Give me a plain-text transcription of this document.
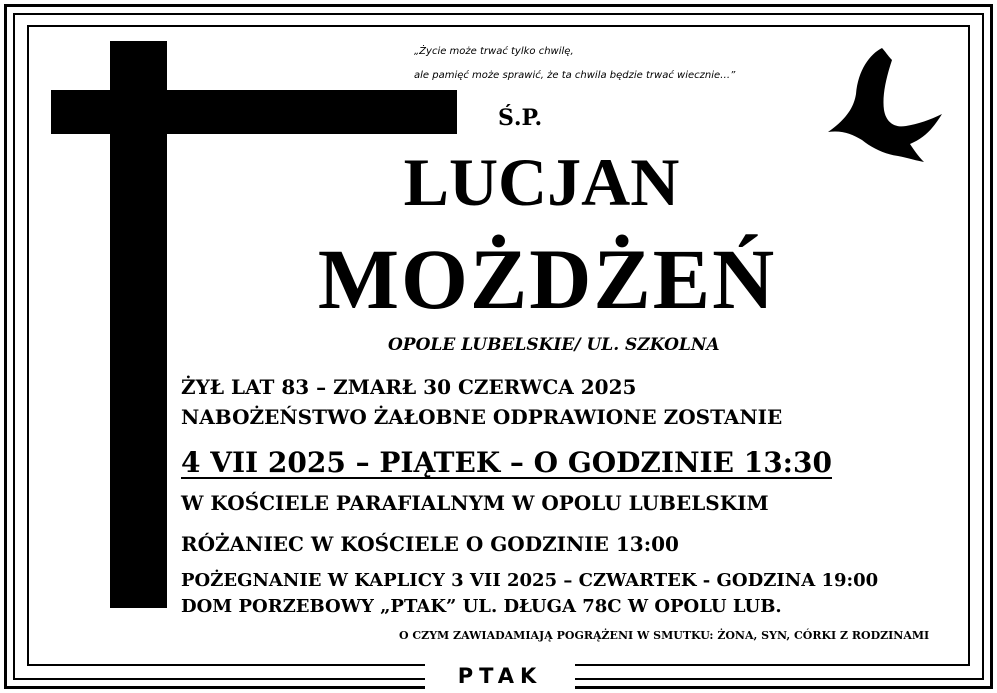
PTAK
„Życie może trwać tylko chwilę,
ale pamięć może sprawić, że ta chwila będzie trwać wiecznie…”
Ś.P.
LUCJAN
MOŻDŻEŃ
OPOLE LUBELSKIE/ UL. SZKOLNA
ŻYŁ LAT 83 – ZMARŁ 30 CZERWCA 2025
NABOŻEŃSTWO ŻAŁOBNE ODPRAWIONE ZOSTANIE
4 VII 2025 – PIĄTEK – O GODZINIE 13:30
W KOŚCIELE PARAFIALNYM W OPOLU LUBELSKIM
RÓŻANIEC W KOŚCIELE O GODZINIE 13:00
POŻEGNANIE W KAPLICY 3 VII 2025 – CZWARTEK - GODZINA 19:00
DOM PORZEBOWY „PTAK” UL. DŁUGA 78C W OPOLU LUB.
O CZYM ZAWIADAMIAJĄ POGRĄŻENI W SMUTKU: ŻONA, SYN, CÓRKI Z RODZINAMI
